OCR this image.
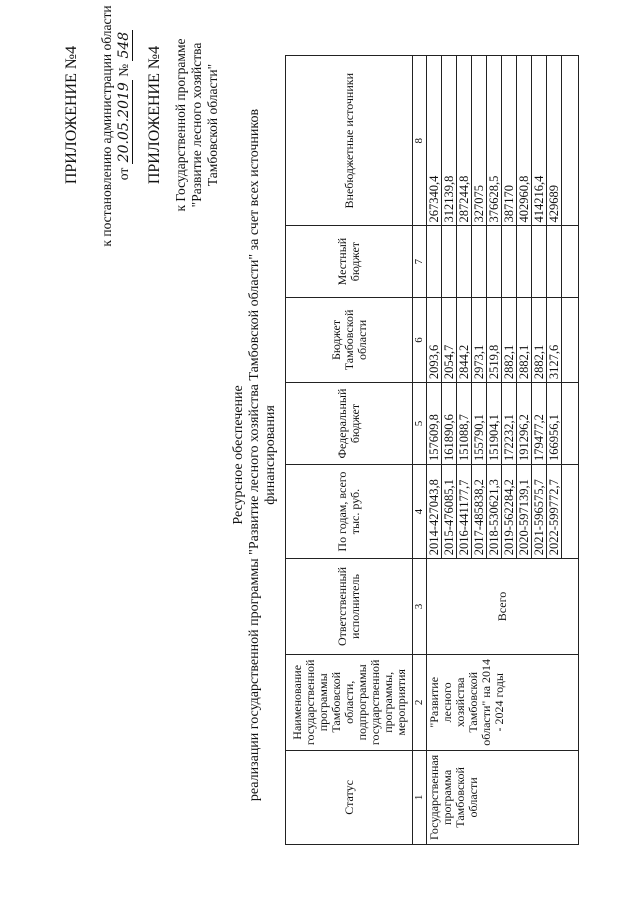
ПРИЛОЖЕНИЕ №4 к постановлению администрации области от 20.05.2019 № 548
ПРИЛОЖЕНИЕ №4 к Государственной программе "Развитие лесного хозяйства Тамбовской области"
Ресурсное обеспечение реализации государственной программы "Развитие лесного хозяйства Тамбовской области" за счет всех источников финансирования
Статус	Наименование государственной программы Тамбовской области, подпрограммы государственной программы, мероприятия	Ответственный исполнитель	По годам, всего тыс. руб.	Федеральный бюджет	Бюджет Тамбовской области	Местный бюджет	Внебюджетные источники
1	2	3	4	5	6	7	8
Государственная программа Тамбовской области	"Развитие лесного хозяйства Тамбовской области" на 2014 - 2024 годы	Всего	2014-427043,8	157609,8	2093,6		267340,4
			2015-476085,1	161890,6	2054,7		312139,8
			2016-441177,7	151088,7	2844,2		287244,8
			2017-485838,2	155790,1	2973,1		327075
			2018-530621,3	151904,1	2519,8		376628,5
			2019-562284,2	172232,1	2882,1		387170
			2020-597139,1	191296,2	2882,1		402960,8
			2021-596575,7	179477,2	2882,1		414216,4
			2022-599772,7	166956,1	3127,6		429689
